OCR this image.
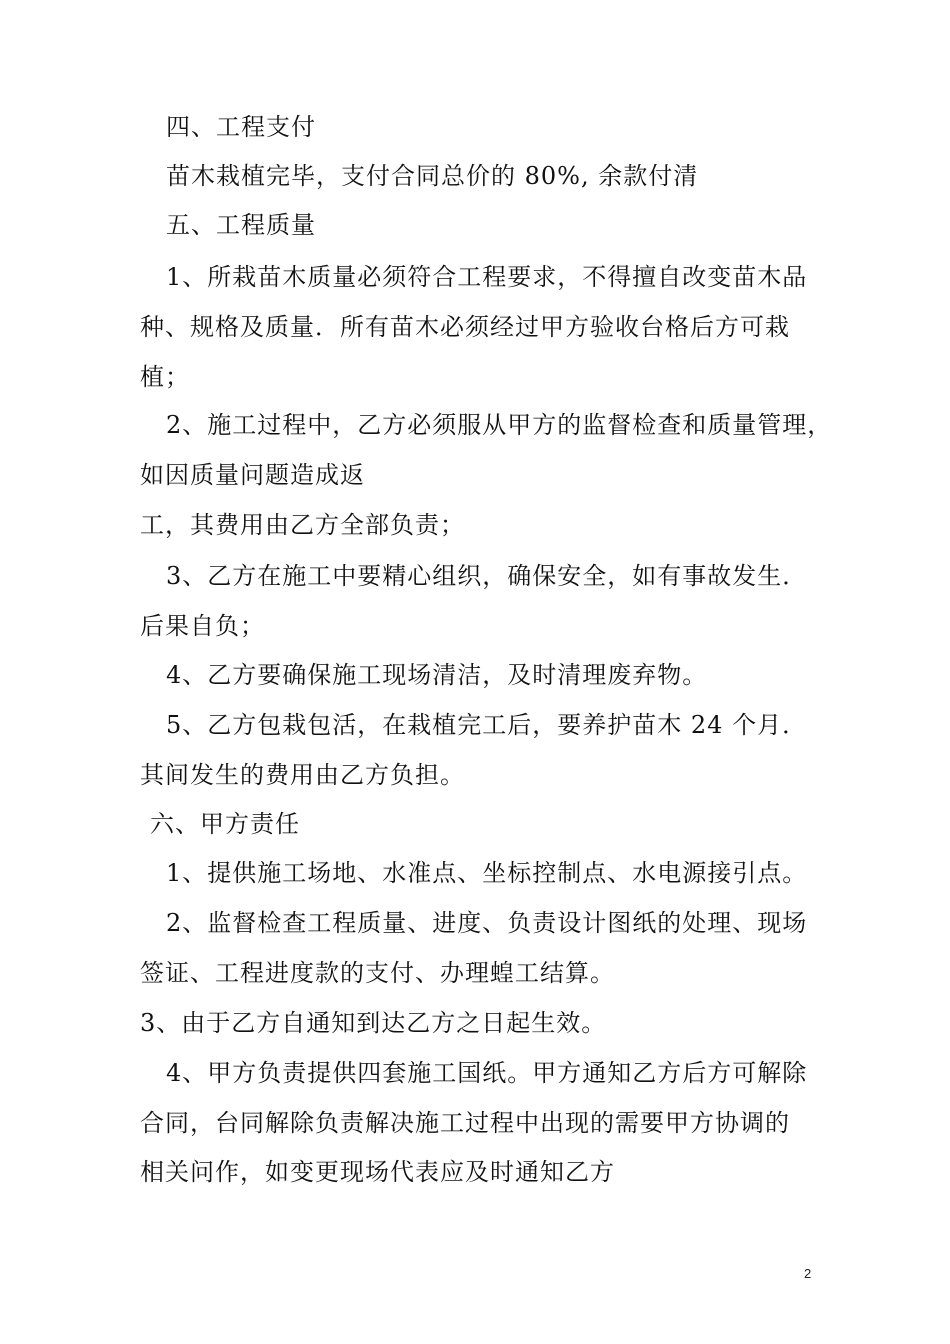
四、工程支付
苗木栽植完毕，支付合同总价的 80%, 余款付清
五、工程质量
1、所栽苗木质量必须符合工程要求，不得擅自改变苗木品
种、规格及质量．所有苗木必须经过甲方验收台格后方可栽
植；
2、施工过程中，乙方必须服从甲方的监督检查和质量管理，
如因质量问题造成返
工，其费用由乙方全部负责；
3、乙方在施工中要精心组织，确保安全，如有事故发生．
后果自负；
4、乙方要确保施工现场清洁，及时清理废弃物。
5、乙方包栽包活，在栽植完工后，要养护苗木 24 个月．
其间发生的费用由乙方负担。
六、甲方责任
1、提供施工场地、水准点、坐标控制点、水电源接引点。
2、监督检查工程质量、进度、负责设计图纸的处理、现场
签证、工程进度款的支付、办理蝗工结算。
3、由于乙方自通知到达乙方之日起生效。
4、甲方负责提供四套施工国纸。甲方通知乙方后方可解除
合同，台同解除负责解决施工过程中出现的需要甲方协调的
相关问作，如变更现场代表应及时通知乙方
2
